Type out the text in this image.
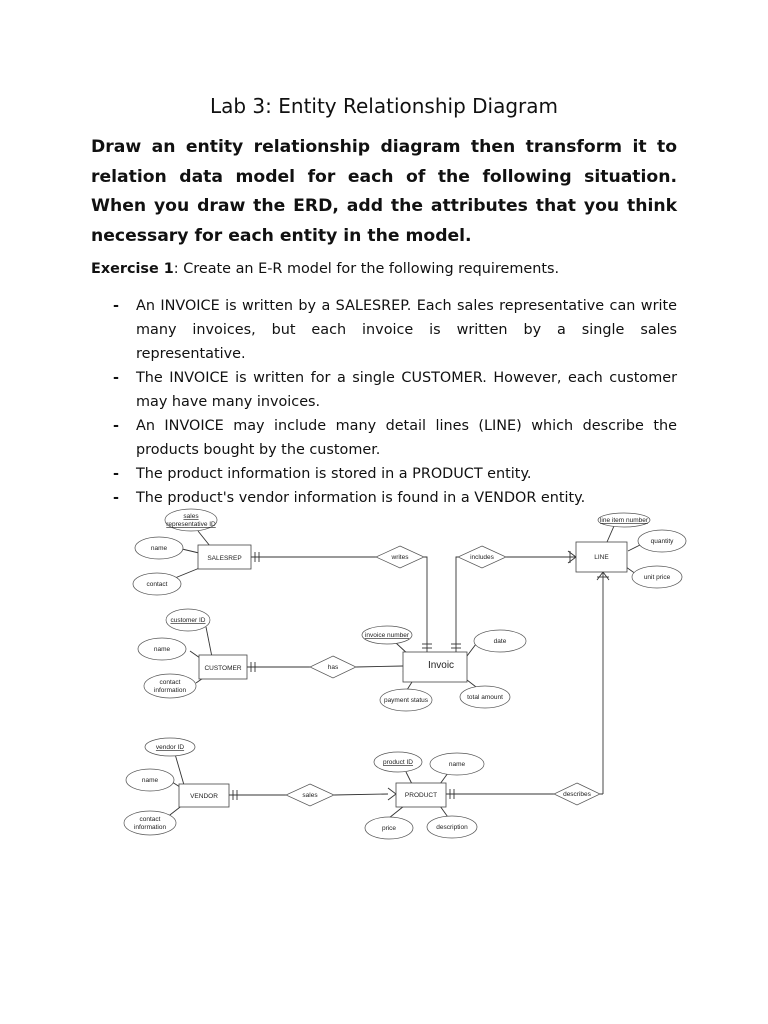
Lab 3: Entity Relationship Diagram

Draw an entity relationship diagram then transform it to relation data model for each of the following situation. When you draw the ERD, add the attributes that you think necessary for each entity in the model.

Exercise 1: Create an E-R model for the following requirements.

- An INVOICE is written by a SALESREP. Each sales representative can write many invoices, but each invoice is written by a single sales representative.
- The INVOICE is written for a single CUSTOMER. However, each customer may have many invoices.
- An INVOICE may include many detail lines (LINE) which describe the products bought by the customer.
- The product information is stored in a PRODUCT entity.
- The product's vendor information is found in a VENDOR entity.
SALESREP	LINE
CUSTOMER	Invoic
VENDOR	PRODUCT
writes	includes
has
sales	describes
sales
representative ID
name
contact
line item number
quantity
unit price
customer ID
name
contact
information
invoice number
date
payment status	total amount
vendor ID
name
contact
information
product ID	name
price	description
